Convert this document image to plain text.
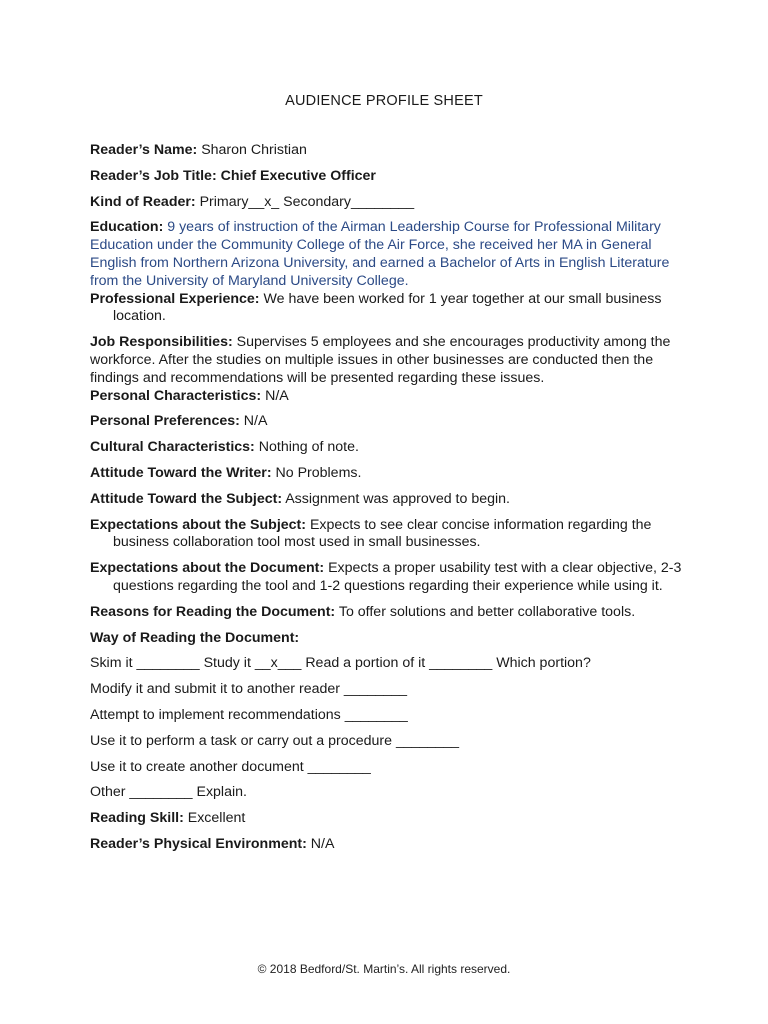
AUDIENCE PROFILE SHEET
Reader’s Name: Sharon Christian
Reader’s Job Title: Chief Executive Officer
Kind of Reader: Primary__x_ Secondary________
Education: 9 years of instruction of the Airman Leadership Course for Professional Military Education under the Community College of the Air Force, she received her MA in General English from Northern Arizona University, and earned a Bachelor of Arts in English Literature from the University of Maryland University College.
Professional Experience: We have been worked for 1 year together at our small business location.
Job Responsibilities: Supervises 5 employees and she encourages productivity among the workforce. After the studies on multiple issues in other businesses are conducted then the findings and recommendations will be presented regarding these issues.
Personal Characteristics: N/A
Personal Preferences: N/A
Cultural Characteristics: Nothing of note.
Attitude Toward the Writer: No Problems.
Attitude Toward the Subject: Assignment was approved to begin.
Expectations about the Subject: Expects to see clear concise information regarding the business collaboration tool most used in small businesses.
Expectations about the Document: Expects a proper usability test with a clear objective, 2-3 questions regarding the tool and 1-2 questions regarding their experience while using it.
Reasons for Reading the Document: To offer solutions and better collaborative tools.
Way of Reading the Document:
Skim it ________ Study it __x___ Read a portion of it ________ Which portion?
Modify it and submit it to another reader ________
Attempt to implement recommendations ________
Use it to perform a task or carry out a procedure ________
Use it to create another document ________
Other ________ Explain.
Reading Skill: Excellent
Reader’s Physical Environment: N/A
© 2018 Bedford/St. Martin’s. All rights reserved.
